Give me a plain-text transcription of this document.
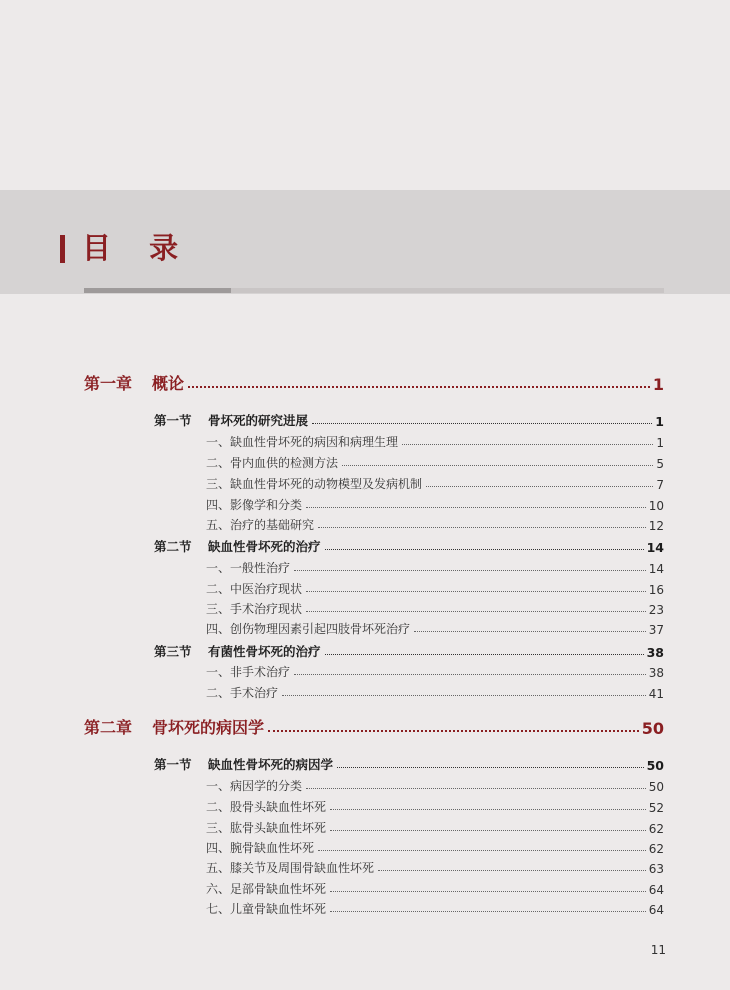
目 录
第一章	概论	1
第一节	骨坏死的研究进展	1
一、缺血性骨坏死的病因和病理生理	1
二、骨内血供的检测方法	5
三、缺血性骨坏死的动物模型及发病机制	7
四、影像学和分类	10
五、治疗的基础研究	12
第二节	缺血性骨坏死的治疗	14
一、一般性治疗	14
二、中医治疗现状	16
三、手术治疗现状	23
四、创伤物理因素引起四肢骨坏死治疗	37
第三节	有菌性骨坏死的治疗	38
一、非手术治疗	38
二、手术治疗	41
第二章	骨坏死的病因学	50
第一节	缺血性骨坏死的病因学	50
一、病因学的分类	50
二、股骨头缺血性坏死	52
三、肱骨头缺血性坏死	62
四、腕骨缺血性坏死	62
五、膝关节及周围骨缺血性坏死	63
六、足部骨缺血性坏死	64
七、儿童骨缺血性坏死	64
11
